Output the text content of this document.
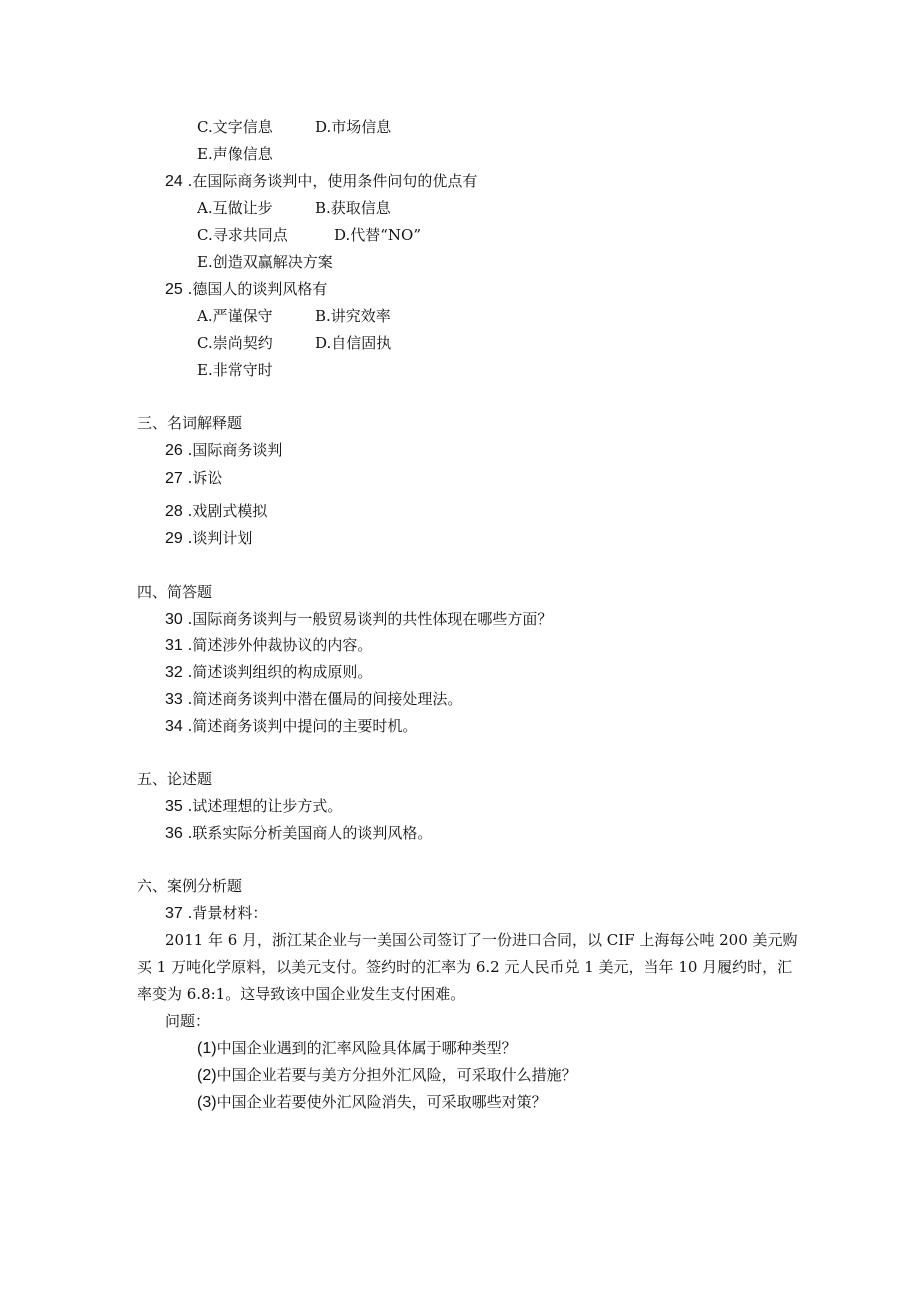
C.文字信息	D.市场信息
E.声像信息
24 .在国际商务谈判中，使用条件问句的优点有
A.互做让步	B.获取信息
C.寻求共同点	D.代替“NO”
E.创造双赢解决方案
25 .德国人的谈判风格有
A.严谨保守	B.讲究效率
C.崇尚契约	D.自信固执
E.非常守时
三、名词解释题
26 .国际商务谈判
27 .诉讼
28 .戏剧式模拟
29 .谈判计划
四、简答题
30 .国际商务谈判与一般贸易谈判的共性体现在哪些方面？
31 .简述涉外仲裁协议的内容。
32 .简述谈判组织的构成原则。
33 .简述商务谈判中潜在僵局的间接处理法。
34 .简述商务谈判中提问的主要时机。
五、论述题
35 .试述理想的让步方式。
36 .联系实际分析美国商人的谈判风格。
六、案例分析题
37 .背景材料：
2011 年 6 月，浙江某企业与一美国公司签订了一份进口合同，以 CIF 上海每公吨 200 美元购
买 1 万吨化学原料，以美元支付。签约时的汇率为 6.2 元人民币兑 1 美元，当年 10 月履约时，汇
率变为 6.8:1。这导致该中国企业发生支付困难。
问题：
(1)中国企业遇到的汇率风险具体属于哪种类型？
(2)中国企业若要与美方分担外汇风险，可采取什么措施？
(3)中国企业若要使外汇风险消失，可采取哪些对策？
